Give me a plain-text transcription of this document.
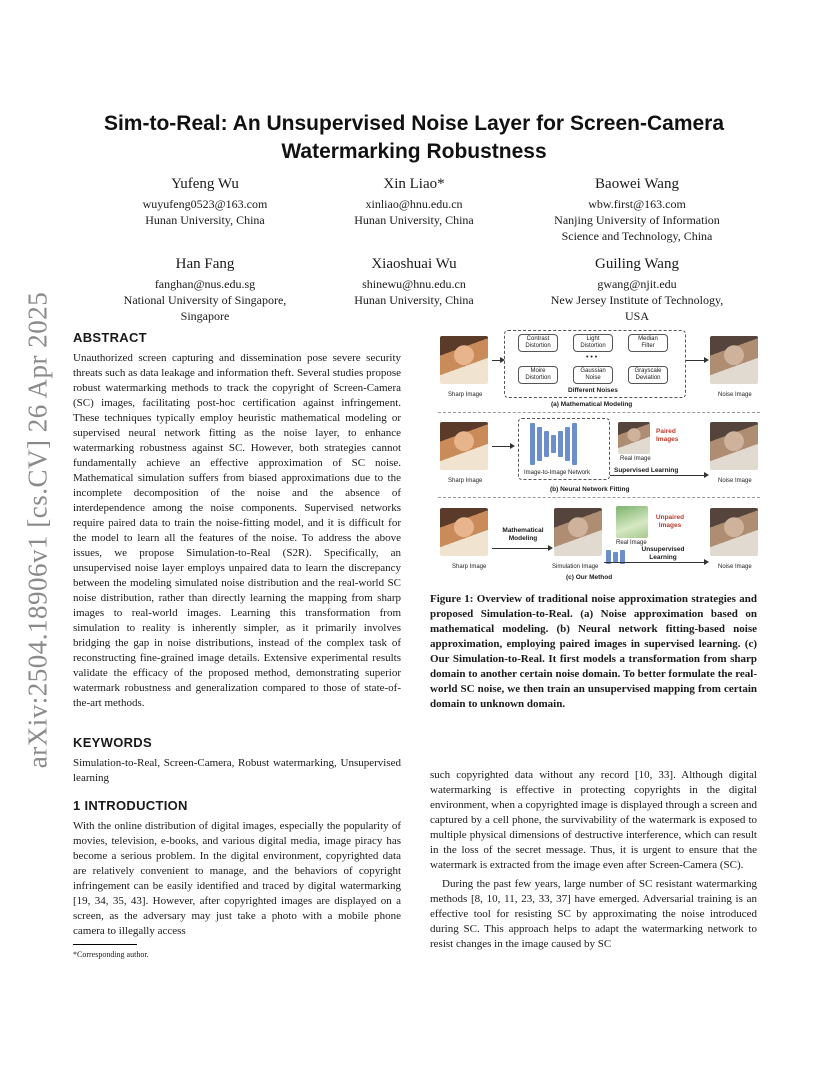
arXiv:2504.18906v1 [cs.CV] 26 Apr 2025
Sim-to-Real: An Unsupervised Noise Layer for Screen-Camera
Watermarking Robustness
Yufeng Wu
wuyufeng0523@163.com
Hunan University, China
Xin Liao*
xinliao@hnu.edu.cn
Hunan University, China
Baowei Wang
wbw.first@163.com
Nanjing University of Information
Science and Technology, China
Han Fang
fanghan@nus.edu.sg
National University of Singapore,
Singapore
Xiaoshuai Wu
shinewu@hnu.edu.cn
Hunan University, China
Guiling Wang
gwang@njit.edu
New Jersey Institute of Technology,
USA
ABSTRACT

Unauthorized screen capturing and dissemination pose severe security threats such as data leakage and information theft. Several studies propose robust watermarking methods to track the copyright of Screen-Camera (SC) images, facilitating post-hoc certification against infringement. These techniques typically employ heuristic mathematical modeling or supervised neural network fitting as the noise layer, to enhance watermarking robustness against SC. However, both strategies cannot fundamentally achieve an effective approximation of SC noise. Mathematical simulation suffers from biased approximations due to the incomplete decomposition of the noise and the absence of interdependence among the noise components. Supervised networks require paired data to train the noise-fitting model, and it is difficult for the model to learn all the features of the noise. To address the above issues, we propose Simulation-to-Real (S2R). Specifically, an unsupervised noise layer employs unpaired data to learn the discrepancy between the modeling simulated noise distribution and the real-world SC noise distribution, rather than directly learning the mapping from sharp images to real-world images. Learning this transformation from simulation to reality is inherently simpler, as it primarily involves bridging the gap in noise distributions, instead of the complex task of reconstructing fine-grained image details. Extensive experimental results validate the efficacy of the proposed method, demonstrating superior watermark robustness and generalization compared to those of state-of-the-art methods.

KEYWORDS

Simulation-to-Real, Screen-Camera, Robust watermarking, Unsupervised learning

1 INTRODUCTION

With the online distribution of digital images, especially the popularity of movies, television, e-books, and various digital media, image piracy has become a serious problem. In the digital environment, copyrighted data are relatively convenient to manage, and the behaviors of copyright infringement can be easily identified and traced by digital watermarking [19, 34, 35, 43]. However, after copyrighted images are displayed on a screen, as the adversary may just take a photo with a mobile phone camera to illegally access

*Corresponding author.
Sharp Image
Contrast Distortion
Light Distortion
Median Filter
• • •
Moire Distortion
Gaussian Noise
Grayscale Deviation
Different Noises
Noise Image
(a) Mathematical Modeling
Sharp Image
Image-to-Image Network
Real Image
Paired Images
Supervised Learning
Noise Image
(b) Neural Network Fitting
Sharp Image
Mathematical Modeling
Simulation Image
Real Image
Unpaired Images
Unsupervised Learning
Noise Image
(c) Our Method

Figure 1: Overview of traditional noise approximation strategies and proposed Simulation-to-Real. (a) Noise approximation based on mathematical modeling. (b) Neural network fitting-based noise approximation, employing paired images in supervised learning. (c) Our Simulation-to-Real. It first models a transformation from sharp domain to another certain noise domain. To better formulate the real-world SC noise, we then train an unsupervised mapping from certain domain to unknown domain.

such copyrighted data without any record [10, 33]. Although digital watermarking is effective in protecting copyrights in the digital environment, when a copyrighted image is displayed through a screen and captured by a cell phone, the survivability of the watermark is exposed to multiple physical dimensions of destructive interference, which can result in the loss of the secret message. Thus, it is urgent to ensure that the watermark is extracted from the image even after Screen-Camera (SC).

During the past few years, large number of SC resistant watermarking methods [8, 10, 11, 23, 33, 37] have emerged. Adversarial training is an effective tool for resisting SC by approximating the noise introduced during SC. This approach helps to adapt the watermarking network to resist changes in the image caused by SC
